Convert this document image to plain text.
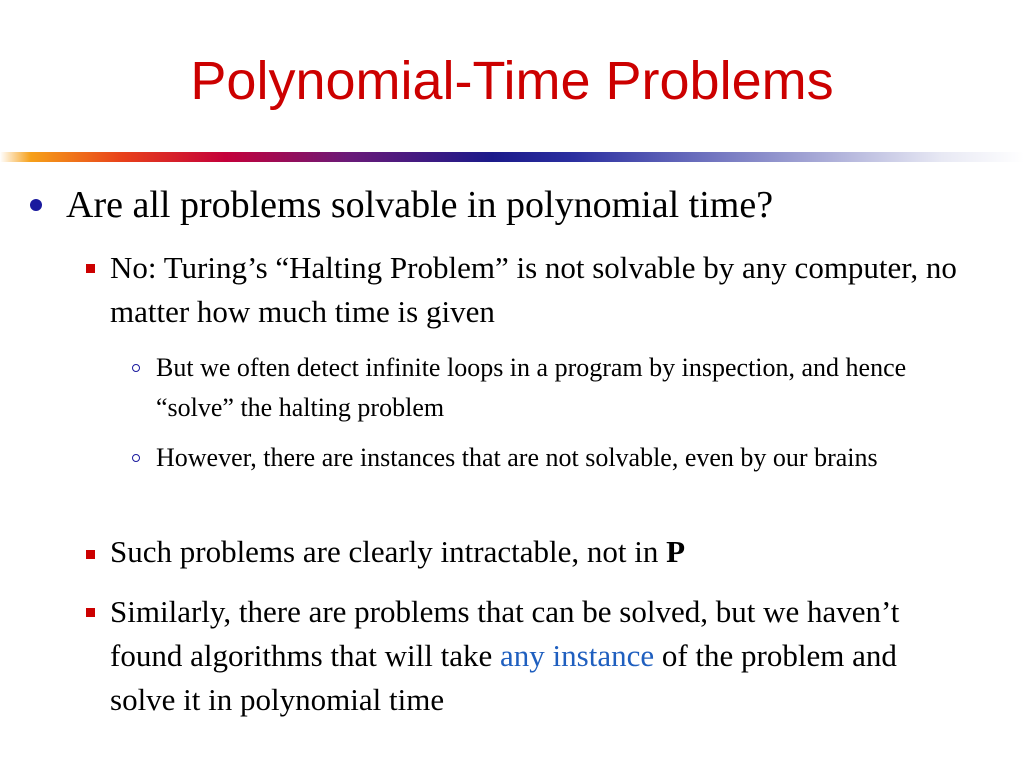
Polynomial-Time Problems
Are all problems solvable in polynomial time?
No: Turing’s “Halting Problem” is not solvable by any computer, no matter how much time is given
But we often detect infinite loops in a program by inspection, and hence “solve” the halting problem
However, there are instances that are not solvable, even by our brains
Such problems are clearly intractable, not in P
Similarly, there are problems that can be solved, but we haven’t found algorithms that will take any instance of the problem and solve it in polynomial time
